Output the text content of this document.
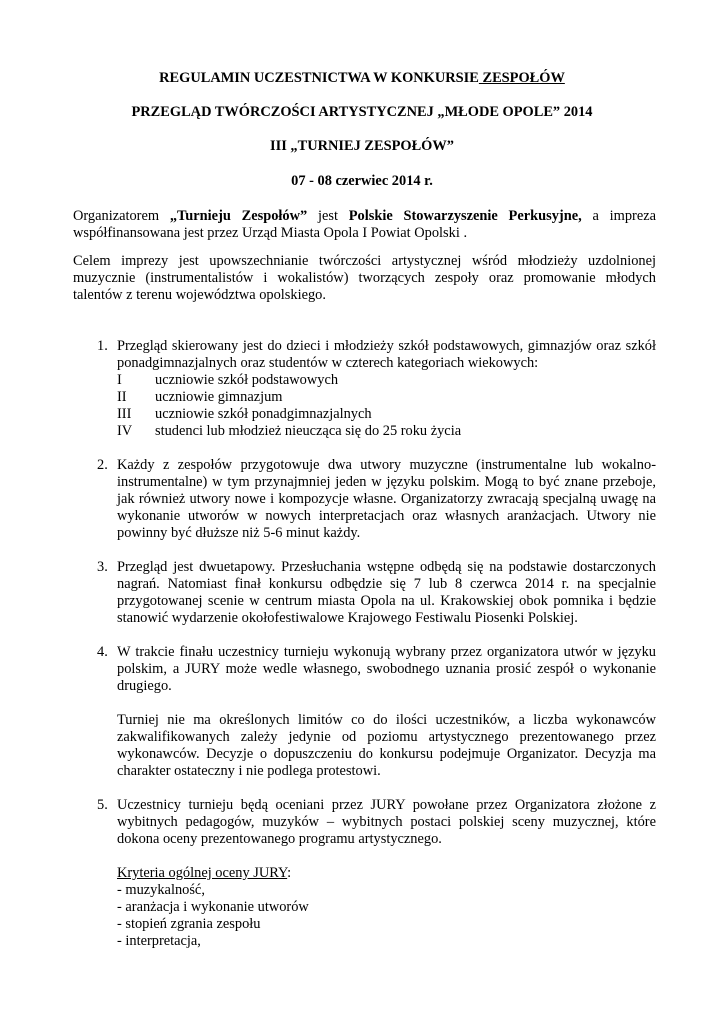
REGULAMIN UCZESTNICTWA W KONKURSIE ZESPOŁÓW
PRZEGLĄD TWÓRCZOŚCI ARTYSTYCZNEJ „MŁODE OPOLE” 2014
III „TURNIEJ ZESPOŁÓW”
07 - 08 czerwiec 2014 r.
Organizatorem „Turnieju Zespołów” jest Polskie Stowarzyszenie Perkusyjne, a impreza współfinansowana jest przez Urząd Miasta Opola I Powiat Opolski .
Celem imprezy jest upowszechnianie twórczości artystycznej wśród młodzieży uzdolnionej muzycznie (instrumentalistów i wokalistów) tworzących zespoły oraz promowanie młodych talentów z terenu województwa opolskiego.
1. Przegląd skierowany jest do dzieci i młodzieży szkół podstawowych, gimnazjów oraz szkół ponadgimnazjalnych oraz studentów w czterech kategoriach wiekowych:
I uczniowie szkół podstawowych
II uczniowie gimnazjum
III uczniowie szkół ponadgimnazjalnych
IV studenci lub młodzież nieucząca się do 25 roku życia
2. Każdy z zespołów przygotowuje dwa utwory muzyczne (instrumentalne lub wokalno-instrumentalne) w tym przynajmniej jeden w języku polskim. Mogą to być znane przeboje, jak również utwory nowe i kompozycje własne. Organizatorzy zwracają specjalną uwagę na wykonanie utworów w nowych interpretacjach oraz własnych aranżacjach. Utwory nie powinny być dłuższe niż 5-6 minut każdy.
3. Przegląd jest dwuetapowy. Przesłuchania wstępne odbędą się na podstawie dostarczonych nagrań. Natomiast finał konkursu odbędzie się 7 lub 8 czerwca 2014 r. na specjalnie przygotowanej scenie w centrum miasta Opola na ul. Krakowskiej obok pomnika i będzie stanowić wydarzenie okołofestiwalowe Krajowego Festiwalu Piosenki Polskiej.
4. W trakcie finału uczestnicy turnieju wykonują wybrany przez organizatora utwór w języku polskim, a JURY może wedle własnego, swobodnego uznania prosić zespół o wykonanie drugiego.
Turniej nie ma określonych limitów co do ilości uczestników, a liczba wykonawców zakwalifikowanych zależy jedynie od poziomu artystycznego prezentowanego przez wykonawców. Decyzje o dopuszczeniu do konkursu podejmuje Organizator. Decyzja ma charakter ostateczny i nie podlega protestowi.
5. Uczestnicy turnieju będą oceniani przez JURY powołane przez Organizatora złożone z wybitnych pedagogów, muzyków – wybitnych postaci polskiej sceny muzycznej, które dokona oceny prezentowanego programu artystycznego.
Kryteria ogólnej oceny JURY:
- muzykalność,
- aranżacja i wykonanie utworów
- stopień zgrania zespołu
- interpretacja,
